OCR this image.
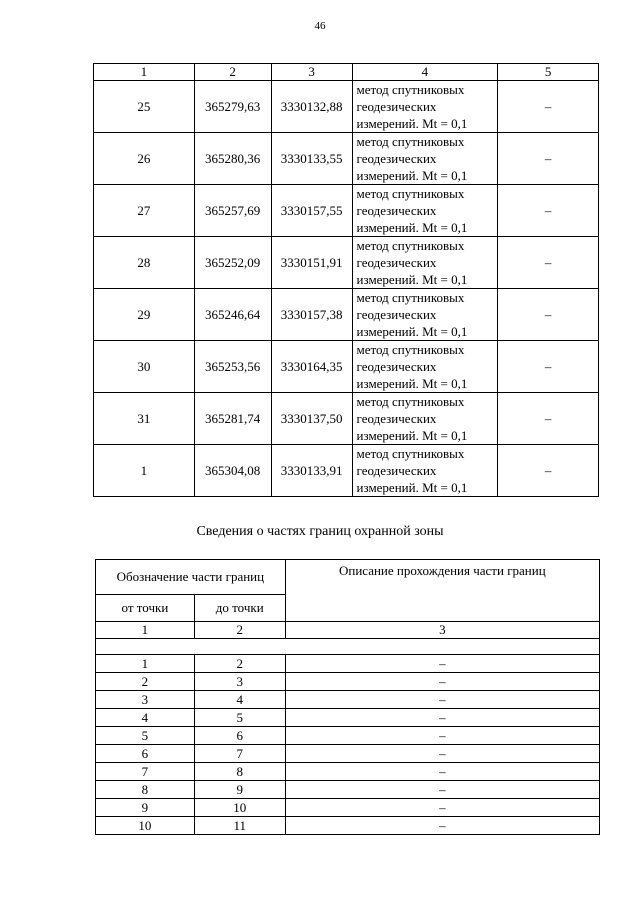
46
1	2	3	4	5
25	365279,63	3330132,88	метод спутниковых
геодезических
измерений. Mt = 0,1	–
26	365280,36	3330133,55	метод спутниковых
геодезических
измерений. Mt = 0,1	–
27	365257,69	3330157,55	метод спутниковых
геодезических
измерений. Mt = 0,1	–
28	365252,09	3330151,91	метод спутниковых
геодезических
измерений. Mt = 0,1	–
29	365246,64	3330157,38	метод спутниковых
геодезических
измерений. Mt = 0,1	–
30	365253,56	3330164,35	метод спутниковых
геодезических
измерений. Mt = 0,1	–
31	365281,74	3330137,50	метод спутниковых
геодезических
измерений. Mt = 0,1	–
1	365304,08	3330133,91	метод спутниковых
геодезических
измерений. Mt = 0,1	–
Сведения о частях границ охранной зоны
Обозначение части границ		Описание прохождения части границ
от точки	до точки	
1	2	3

1	2	–
2	3	–
3	4	–
4	5	–
5	6	–
6	7	–
7	8	–
8	9	–
9	10	–
10	11	–
